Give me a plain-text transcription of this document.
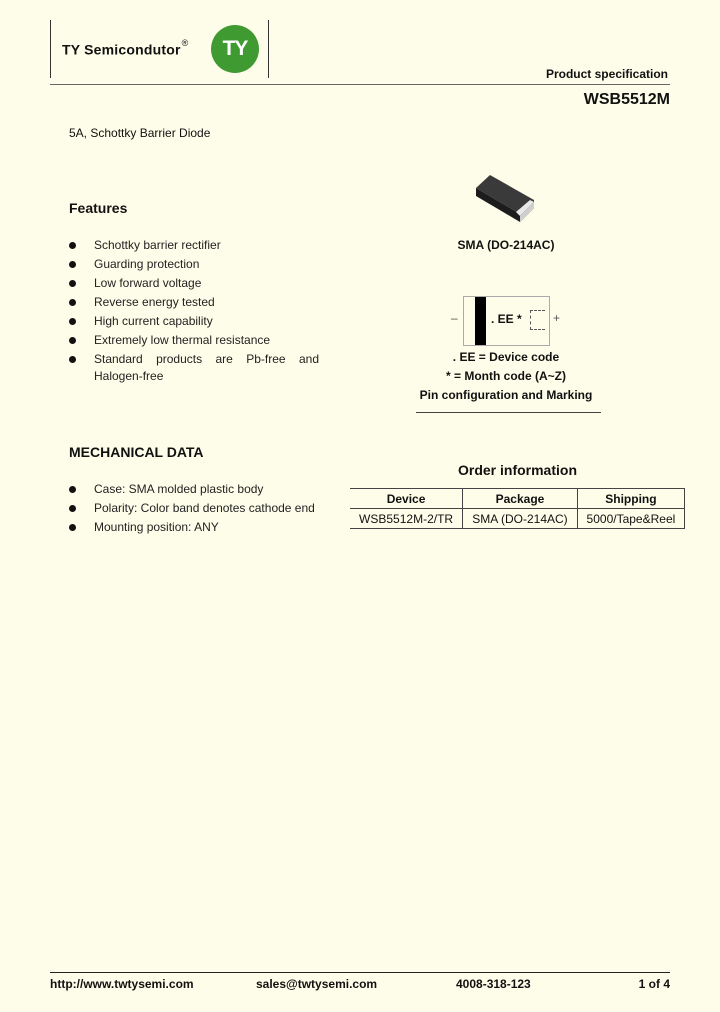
TY Semicondutor®	TY
Product specification
WSB5512M
5A, Schottky Barrier Diode
SMA (DO-214AC)
–	. EE *	+
. EE = Device code
* = Month code (A~Z)
Pin configuration and Marking
Features
Schottky barrier rectifier
Guarding protection
Low forward voltage
Reverse energy tested
High current capability
Extremely low thermal resistance
Standard products are Pb-free and
Halogen-free
MECHANICAL DATA
Case: SMA molded plastic body
Polarity: Color band denotes cathode end
Mounting position: ANY
Order information
Device	Package	Shipping
WSB5512M-2/TR	SMA (DO-214AC)	5000/Tape&Reel
http://www.twtysemi.com	sales@twtysemi.com	4008-318-123	1 of 4
